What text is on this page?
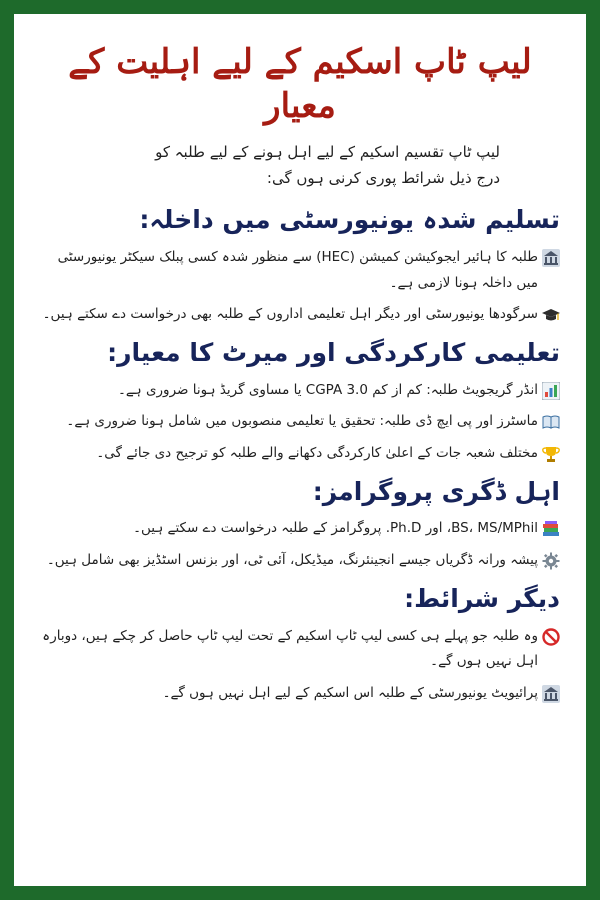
لیپ ٹاپ اسکیم کے لیے اہلیت کے معیار
لیپ ٹاپ تقسیم اسکیم کے لیے اہل ہونے کے لیے طلبہ کو درج ذیل شرائط پوری کرنی ہوں گی:
تسلیم شدہ یونیورسٹی میں داخلہ:
طلبہ کا ہائیر ایجوکیشن کمیشن (HEC) سے منظور شدہ کسی پبلک سیکٹر یونیورسٹی میں داخلہ ہونا لازمی ہے۔
سرگودھا یونیورسٹی اور دیگر اہل تعلیمی اداروں کے طلبہ بھی درخواست دے سکتے ہیں۔
تعلیمی کارکردگی اور میرٹ کا معیار:
انڈر گریجویٹ طلبہ: کم از کم CGPA 3.0 یا مساوی گریڈ ہونا ضروری ہے۔
ماسٹرز اور پی ایچ ڈی طلبہ: تحقیق یا تعلیمی منصوبوں میں شامل ہونا ضروری ہے۔
مختلف شعبہ جات کے اعلیٰ کارکردگی دکھانے والے طلبہ کو ترجیح دی جائے گی۔
اہل ڈگری پروگرامز:
BS، MS/MPhil، اور Ph.D. پروگرامز کے طلبہ درخواست دے سکتے ہیں۔
پیشہ ورانہ ڈگریاں جیسے انجینئرنگ، میڈیکل، آئی ٹی، اور بزنس اسٹڈیز بھی شامل ہیں۔
دیگر شرائط:
وہ طلبہ جو پہلے ہی کسی لیپ ٹاپ اسکیم کے تحت لیپ ٹاپ حاصل کر چکے ہیں، دوبارہ اہل نہیں ہوں گے۔
پرائیویٹ یونیورسٹی کے طلبہ اس اسکیم کے لیے اہل نہیں ہوں گے۔
